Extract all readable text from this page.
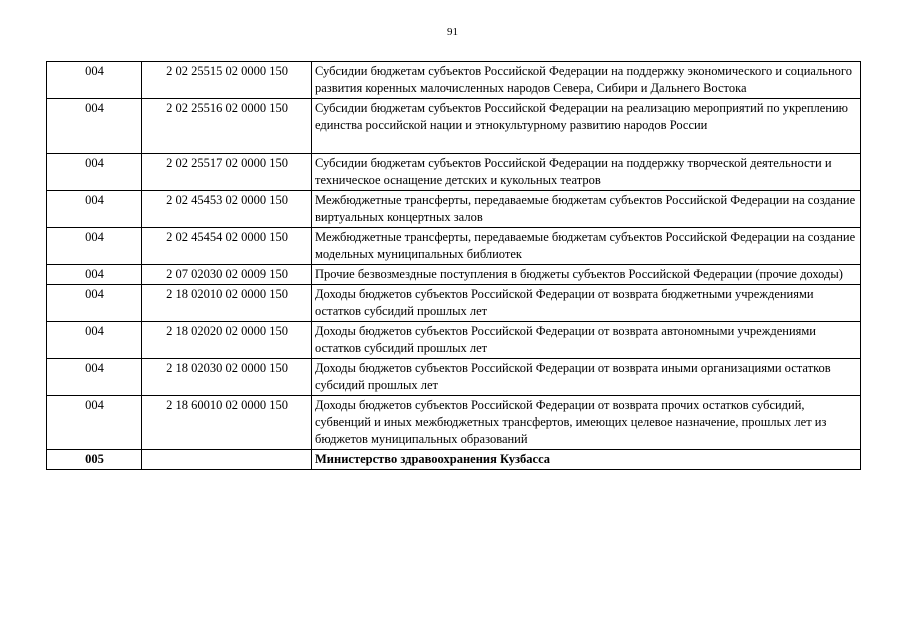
91
004	2 02 25515 02 0000 150	Субсидии бюджетам субъектов Российской Федерации на поддержку экономического и социального развития коренных малочисленных народов Севера, Сибири и Дальнего Востока
004	2 02 25516 02 0000 150	Субсидии бюджетам субъектов Российской Федерации на реализацию мероприятий по укреплению единства российской нации и этнокультурному развитию народов России
004	2 02 25517 02 0000 150	Субсидии бюджетам субъектов Российской Федерации на поддержку творческой деятельности и техническое оснащение детских и кукольных театров
004	2 02 45453 02 0000 150	Межбюджетные трансферты, передаваемые бюджетам субъектов Российской Федерации на создание виртуальных концертных залов
004	2 02 45454 02 0000 150	Межбюджетные трансферты, передаваемые бюджетам субъектов Российской Федерации на создание модельных муниципальных библиотек
004	2 07 02030 02 0009 150	Прочие безвозмездные поступления в бюджеты субъектов Российской Федерации (прочие доходы)
004	2 18 02010 02 0000 150	Доходы бюджетов субъектов Российской Федерации от возврата бюджетными учреждениями остатков субсидий прошлых лет
004	2 18 02020 02 0000 150	Доходы бюджетов субъектов Российской Федерации от возврата автономными учреждениями остатков субсидий прошлых лет
004	2 18 02030 02 0000 150	Доходы бюджетов субъектов Российской Федерации от возврата иными организациями остатков субсидий прошлых лет
004	2 18 60010 02 0000 150	Доходы бюджетов субъектов Российской Федерации от возврата прочих остатков субсидий, субвенций и иных межбюджетных трансфертов, имеющих целевое назначение, прошлых лет из бюджетов муниципальных образований
005		Министерство здравоохранения Кузбасса
